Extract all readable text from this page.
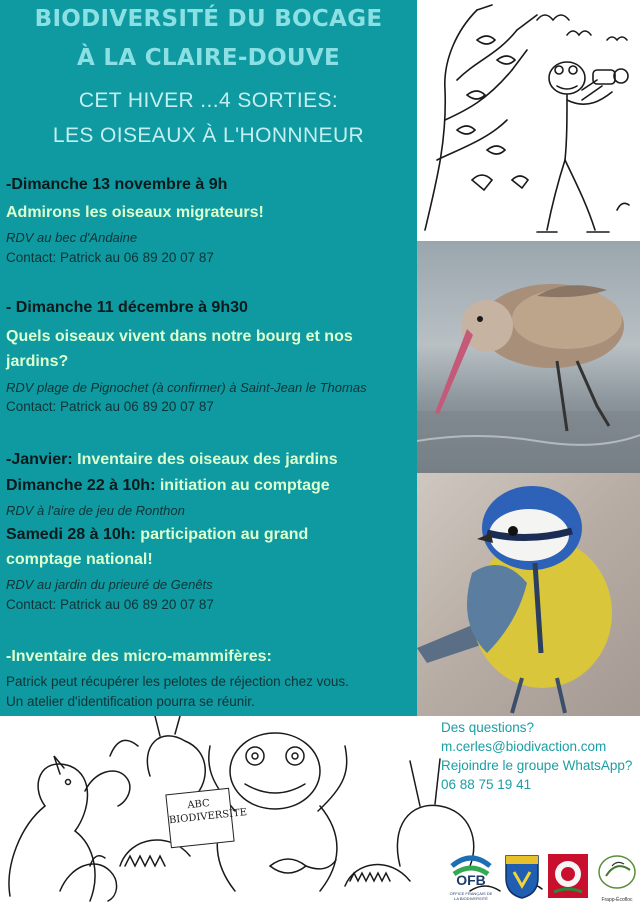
BIODIVERSITÉ DU BOCAGE
À LA CLAIRE-DOUVE
CET HIVER ...4 SORTIES:
LES OISEAUX À L'HONNNEUR
-Dimanche 13 novembre à 9h
Admirons les oiseaux migrateurs!
RDV au bec d'Andaine
Contact: Patrick au 06 89 20 07 87
- Dimanche 11 décembre à 9h30
Quels oiseaux vivent dans notre bourg et nos
jardins?
RDV plage de Pignochet (à confirmer) à Saint-Jean le Thomas
Contact: Patrick au 06 89 20 07 87
-Janvier: Inventaire des oiseaux des jardins
Dimanche 22 à 10h: initiation au comptage
RDV à l'aire de jeu de Ronthon
Samedi 28 à 10h: participation au grand
comptage national!
RDV au jardin du prieuré de Genêts
Contact: Patrick au 06 89 20 07 87
-Inventaire des micro-mammifères:
Patrick peut récupérer les pelotes de réjection chez vous.
Un atelier d'identification pourra se réunir.
ABC BIODIVERSITE
Des questions?
m.cerles@biodivaction.com
Rejoindre le groupe WhatsApp?
06 88 75 19 41
OFB
OFFICE FRANÇAIS DE LA BIODIVERSITÉ	Frapp-Écofloc
